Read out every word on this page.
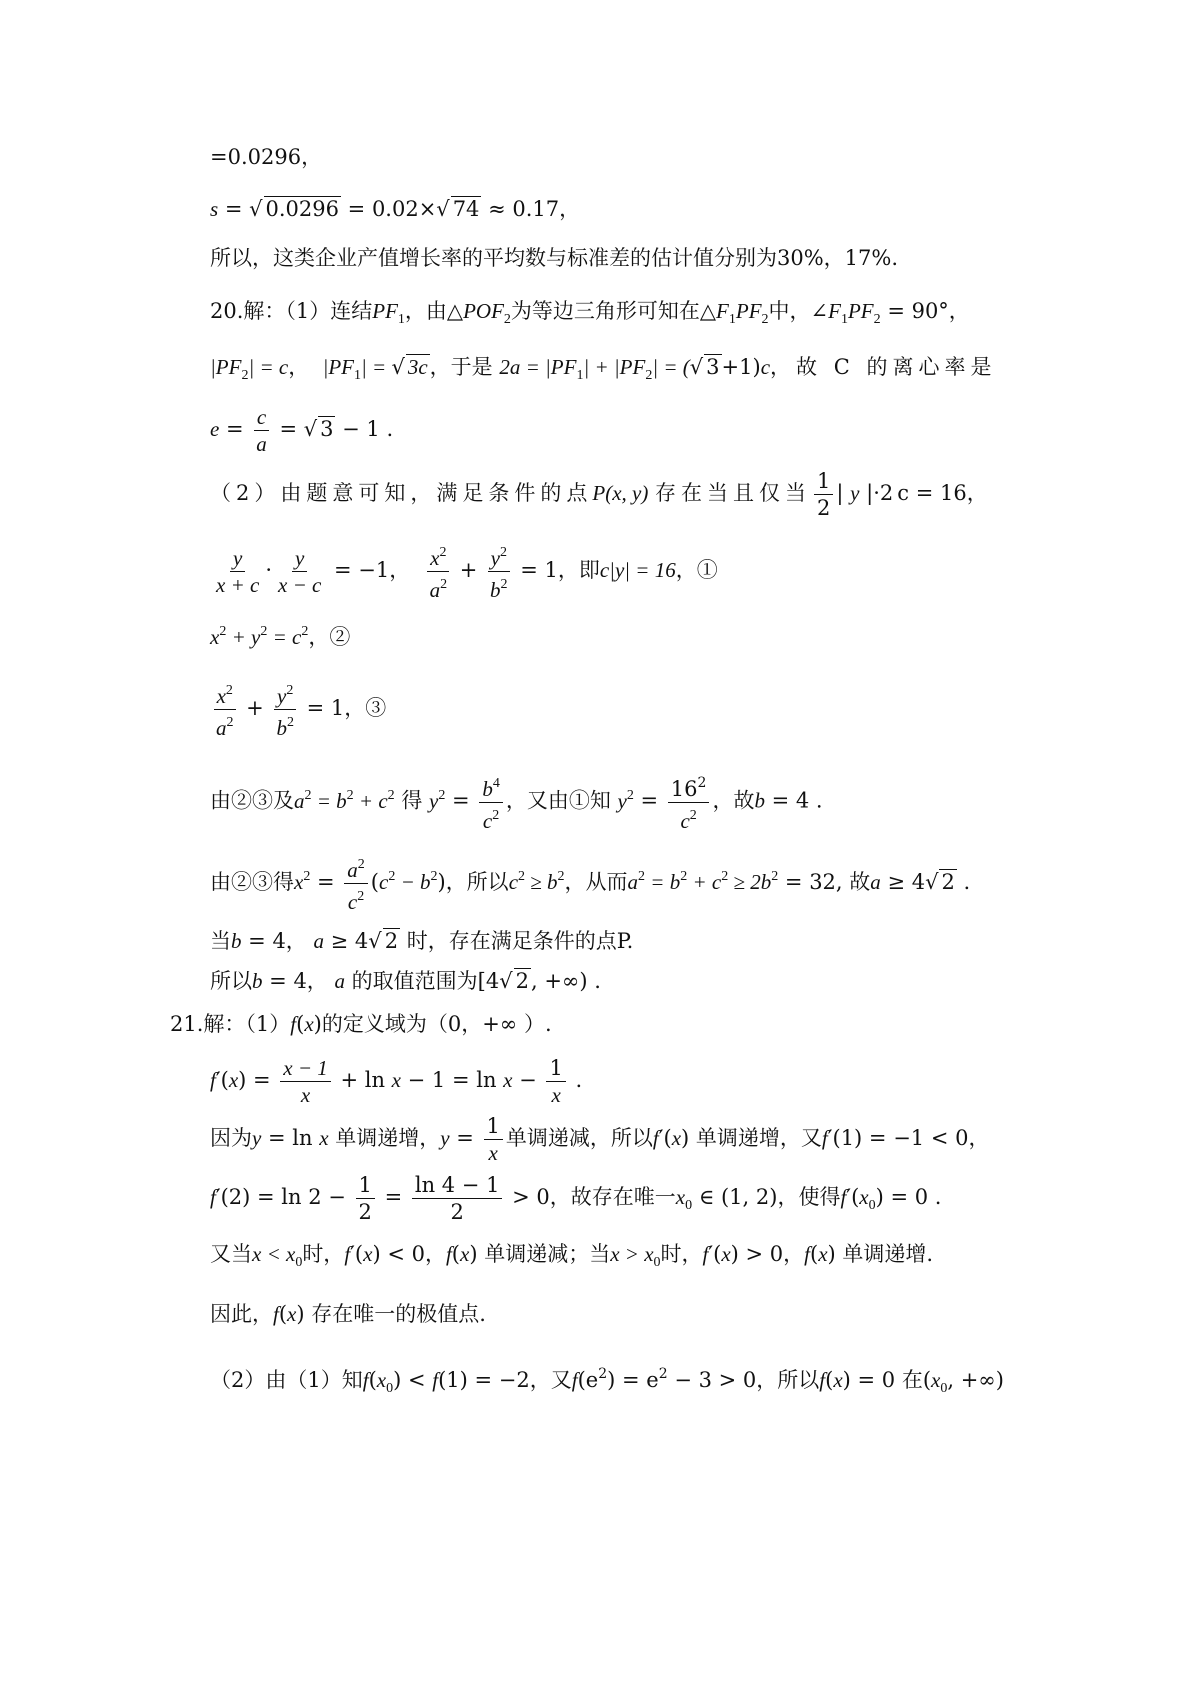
=0.0296，
s = √ 0.0296 = 0.02×√ 74 ≈ 0.17，
所以，这类企业产值增长率的平均数与标准差的估计值分别为30%，17%.
20.解：（1）连结$PF_1$，由$\triangle POF_2$为等边三角形可知在$\triangle F_1PF_2$中，$\angle F_1PF_2 = 90^\circ$，
$|PF_2| = c$，  $|PF_1|$ = √ 3c，于是 $2a = |PF_1| + |PF_2|$ = (√ 3+1)c，故 C 的离心率是
$e = \frac{c}{a}$ = √ 3 − 1 .
（2）由题意可知，满足条件的点P(x, y) 存在当且仅当 $\frac{1}{2}$ | y |·2 c = 16，
$\frac{y}{x + c} \cdot \frac{y}{x - c} = -1$， $\frac{x^2}{a^2} + \frac{y^2}{b^2} = 1$，即c|y| = 16，①
$x^2 + y^2 = c^2$，②
$\frac{x^2}{a^2} + \frac{y^2}{b^2} = 1$，③
由②③及$a^2 = b^2 + c^2$ 得 $y^2 = \frac{b^4}{c^2}$ ，又由①知 $y^2 = \frac{16^2}{c^2}$ ，故b = 4 .
由②③得$x^2 = \frac{a^2}{c^2} (c^2 - b^2)$，所以$c^2 \ge b^2$，从而$a^2 = b^2 + c^2 \ge 2b^2 = 32$, 故a ≥ 4√ 2 .
当b = 4， a ≥ 4√ 2 时，存在满足条件的点P.
所以b = 4， a 的取值范围为[4√ 2, +∞) .
21.解：（1）f(x)的定义域为（0，+∞ ）.
$f'(x) = \frac{x - 1}{x} + \ln x - 1 = \ln x - \frac{1}{x}$ .
因为y = ln x 单调递增，$y = \frac{1}{x}$ 单调递减，所以f′(x) 单调递增，又f′(1) = −1 < 0，
$f'(2) = \ln 2 - \frac{1}{2} = \frac{\ln 4 - 1}{2} > 0$，故存在唯一$x_0$ ∈ (1, 2)，使得$f'(x_0) = 0$ .
又当$x < x_0$时，f′(x) < 0，f(x) 单调递减；当$x > x_0$时，f′(x) > 0，f(x) 单调递增.
因此，f(x) 存在唯一的极值点.
（2）由（1）知$f(x_0) < f(1) = -2$，又$f(e^2) = e^2 - 3 > 0$，所以f(x) = 0 在($x_0$, +∞)
